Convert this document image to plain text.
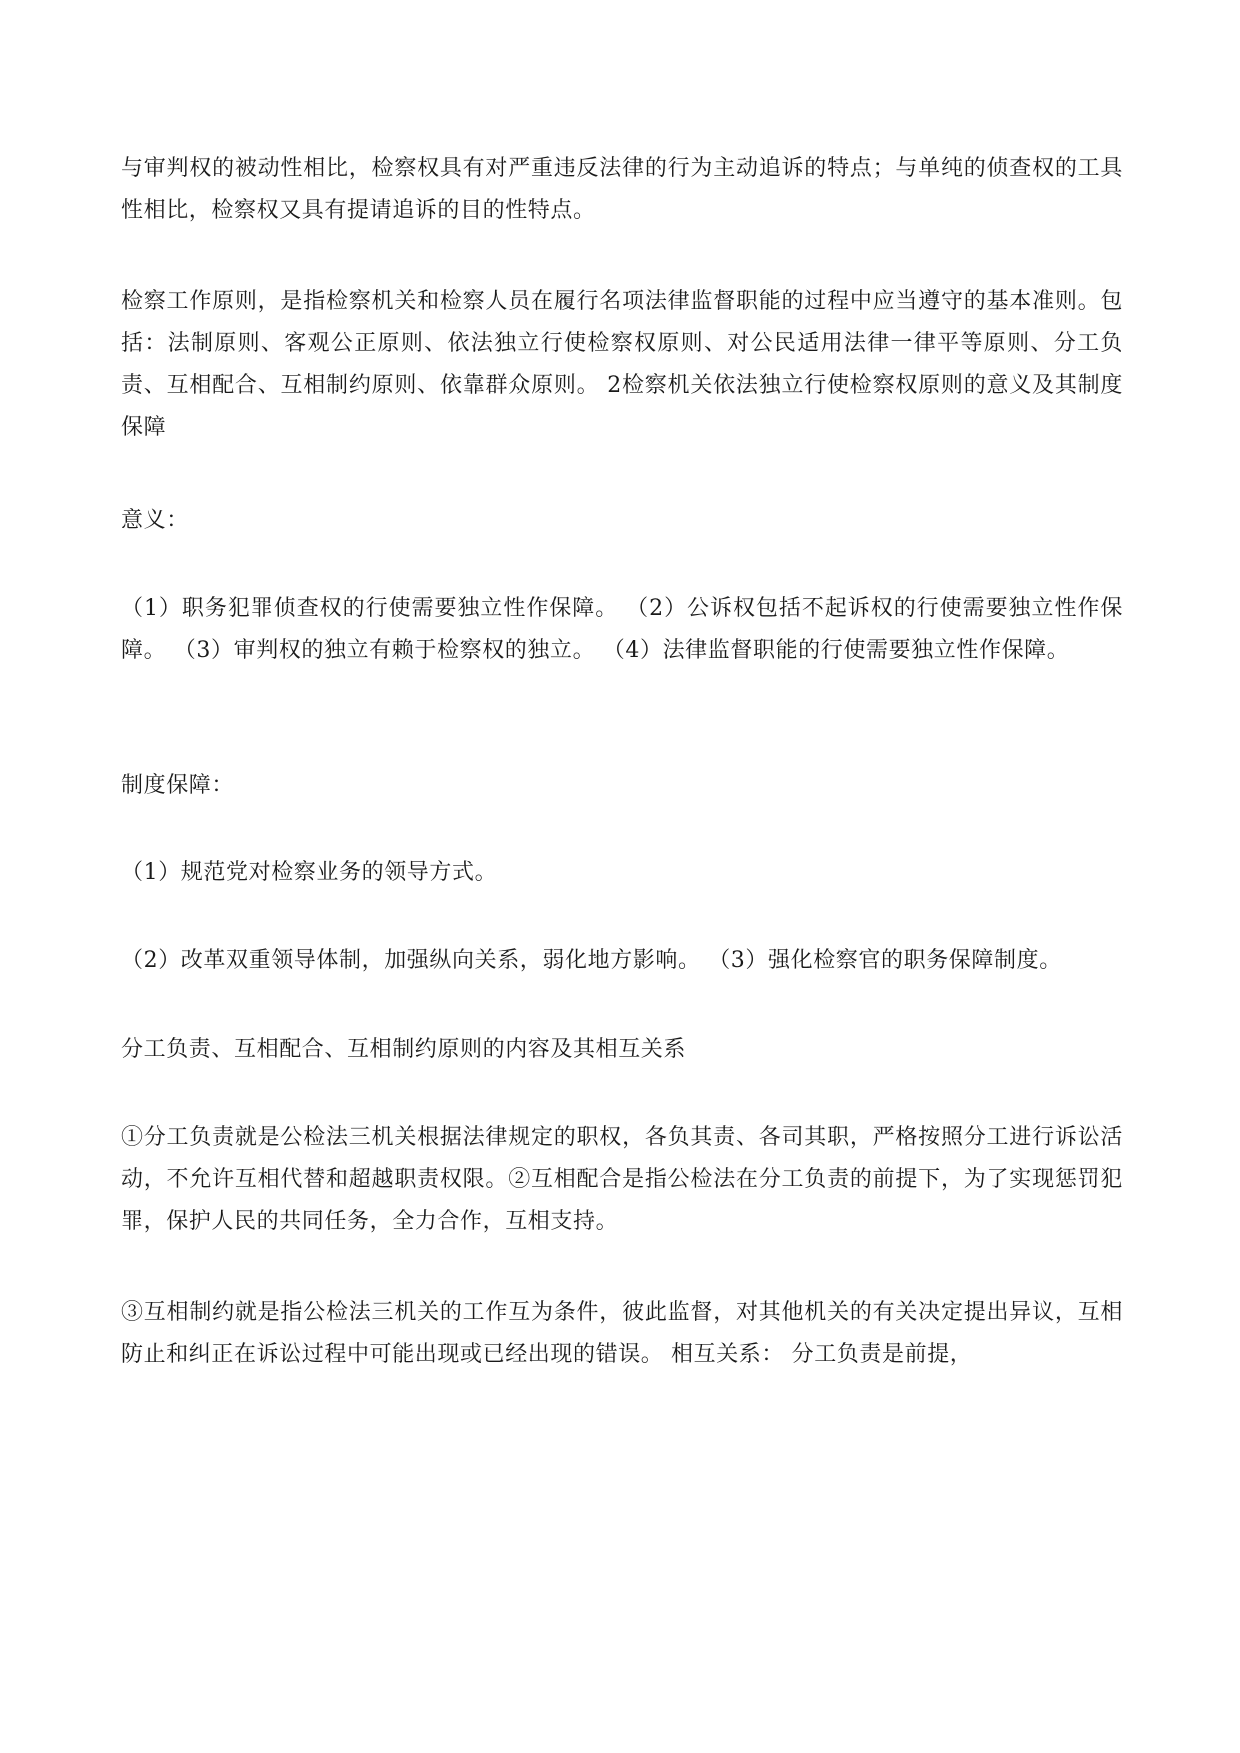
与审判权的被动性相比，检察权具有对严重违反法律的行为主动追诉的特点；与单纯的侦查权的工具性相比，检察权又具有提请追诉的目的性特点。

检察工作原则，是指检察机关和检察人员在履行名项法律监督职能的过程中应当遵守的基本准则。包括：法制原则、客观公正原则、依法独立行使检察权原则、对公民适用法律一律平等原则、分工负责、互相配合、互相制约原则、依靠群众原则。 2检察机关依法独立行使检察权原则的意义及其制度保障

意义：

（1）职务犯罪侦查权的行使需要独立性作保障。 （2）公诉权包括不起诉权的行使需要独立性作保障。 （3）审判权的独立有赖于检察权的独立。 （4）法律监督职能的行使需要独立性作保障。

制度保障：

（1）规范党对检察业务的领导方式。

（2）改革双重领导体制，加强纵向关系，弱化地方影响。 （3）强化检察官的职务保障制度。

分工负责、互相配合、互相制约原则的内容及其相互关系

①分工负责就是公检法三机关根据法律规定的职权，各负其责、各司其职，严格按照分工进行诉讼活动，不允许互相代替和超越职责权限。②互相配合是指公检法在分工负责的前提下，为了实现惩罚犯罪，保护人民的共同任务，全力合作，互相支持。

③互相制约就是指公检法三机关的工作互为条件，彼此监督，对其他机关的有关决定提出异议，互相防止和纠正在诉讼过程中可能出现或已经出现的错误。 相互关系： 分工负责是前提，
